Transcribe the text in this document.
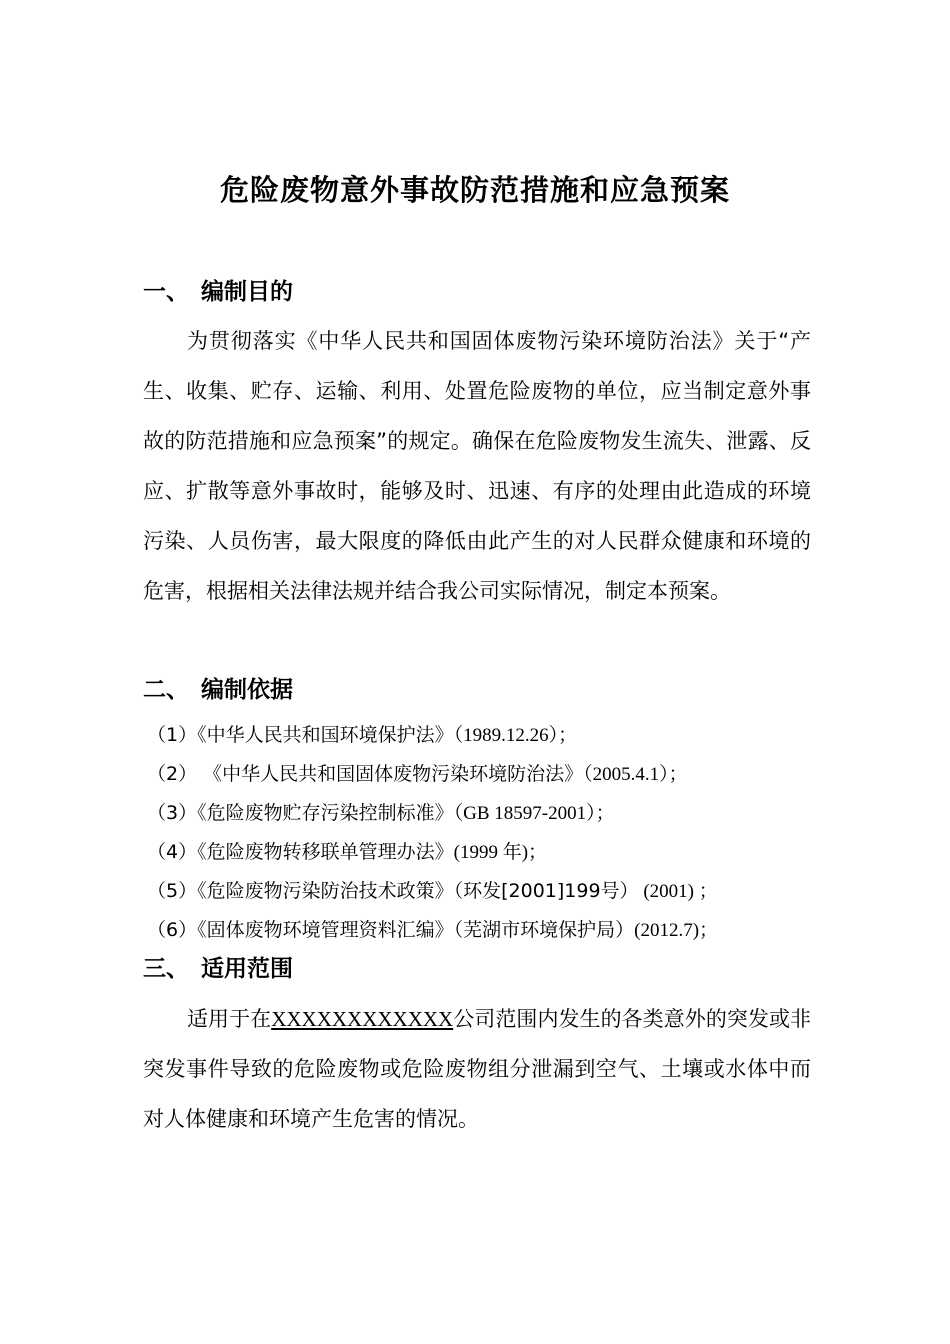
危险废物意外事故防范措施和应急预案
一、 编制目的

为贯彻落实《中华人民共和国固体废物污染环境防治法》关于“产生、收集、贮存、运输、利用、处置危险废物的单位，应当制定意外事故的防范措施和应急预案”的规定。确保在危险废物发生流失、泄露、反应、扩散等意外事故时，能够及时、迅速、有序的处理由此造成的环境污染、人员伤害，最大限度的降低由此产生的对人民群众健康和环境的危害，根据相关法律法规并结合我公司实际情况，制定本预案。

二、 编制依据
（1）《中华人民共和国环境保护法》（1989.12.26）；
（2） 《中华人民共和国固体废物污染环境防治法》（2005.4.1）；
（3）《危险废物贮存污染控制标准》（GB 18597-2001）；
（4）《危险废物转移联单管理办法》(1999 年)；
（5）《危险废物污染防治技术政策》（环发[2001]199号） (2001) ；
（6）《固体废物环境管理资料汇编》（芜湖市环境保护局）(2012.7)；
三、 适用范围

适用于在XXXXXXXXXXXX公司范围内发生的各类意外的突发或非突发事件导致的危险废物或危险废物组分泄漏到空气、土壤或水体中而对人体健康和环境产生危害的情况。
